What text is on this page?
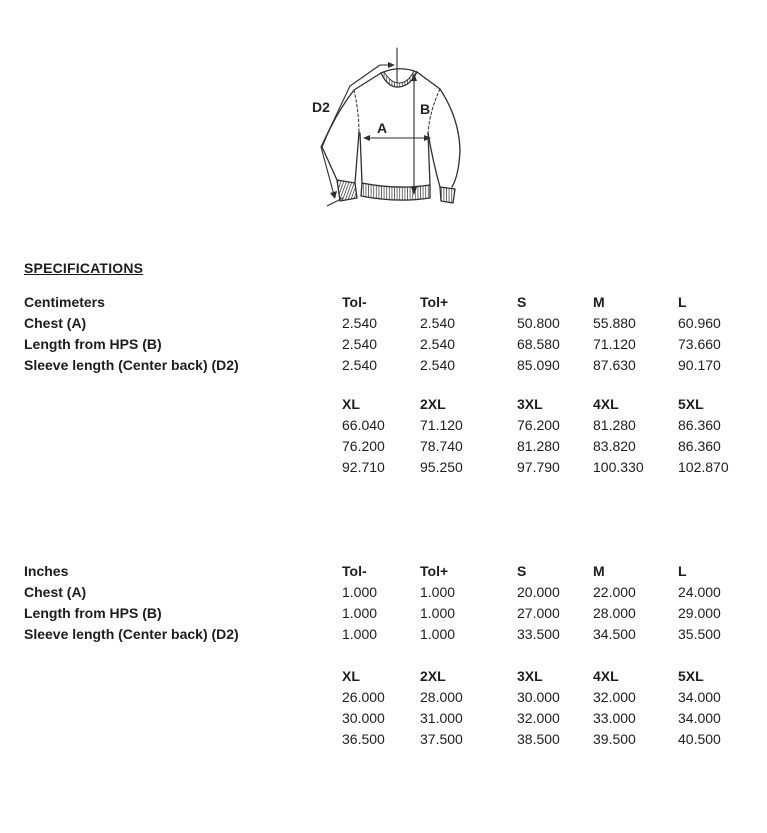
D2
A
B
SPECIFICATIONS
Centimeters	Tol-	Tol+	S	M	L
Chest (A)	2.540	2.540	50.800	55.880	60.960
Length from HPS (B)	2.540	2.540	68.580	71.120	73.660
Sleeve length (Center back) (D2)	2.540	2.540	85.090	87.630	90.170
XL	2XL	3XL	4XL	5XL
66.040	71.120	76.200	81.280	86.360
76.200	78.740	81.280	83.820	86.360
92.710	95.250	97.790	100.330	102.870
Inches	Tol-	Tol+	S	M	L
Chest (A)	1.000	1.000	20.000	22.000	24.000
Length from HPS (B)	1.000	1.000	27.000	28.000	29.000
Sleeve length (Center back) (D2)	1.000	1.000	33.500	34.500	35.500
XL	2XL	3XL	4XL	5XL
26.000	28.000	30.000	32.000	34.000
30.000	31.000	32.000	33.000	34.000
36.500	37.500	38.500	39.500	40.500
